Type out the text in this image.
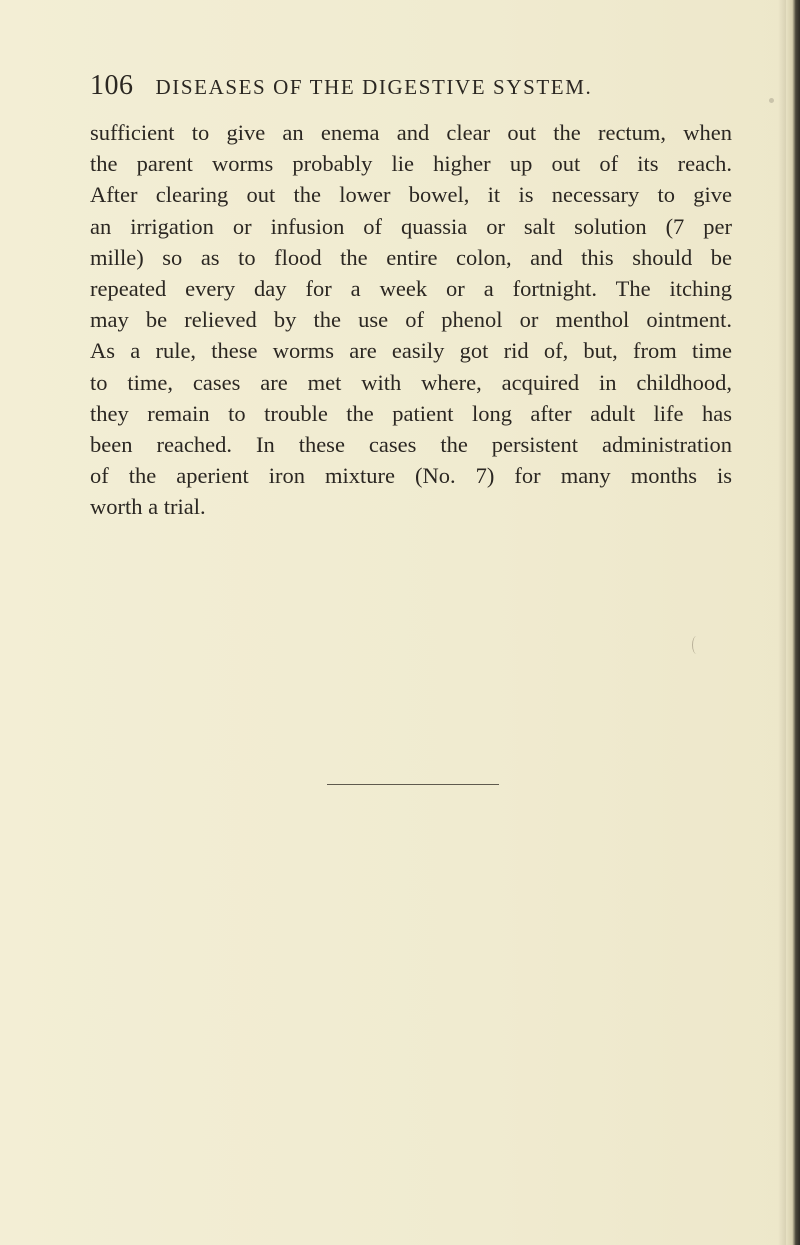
106 DISEASES OF THE DIGESTIVE SYSTEM.
sufficient to give an enema and clear out the rectum, when
the parent worms probably lie higher up out of its reach.
After clearing out the lower bowel, it is necessary to give
an irrigation or infusion of quassia or salt solution (7 per
mille) so as to flood the entire colon, and this should be
repeated every day for a week or a fortnight. The itching
may be relieved by the use of phenol or menthol ointment.
As a rule, these worms are easily got rid of, but, from time
to time, cases are met with where, acquired in childhood,
they remain to trouble the patient long after adult life has
been reached. In these cases the persistent administration
of the aperient iron mixture (No. 7) for many months is
worth a trial.
